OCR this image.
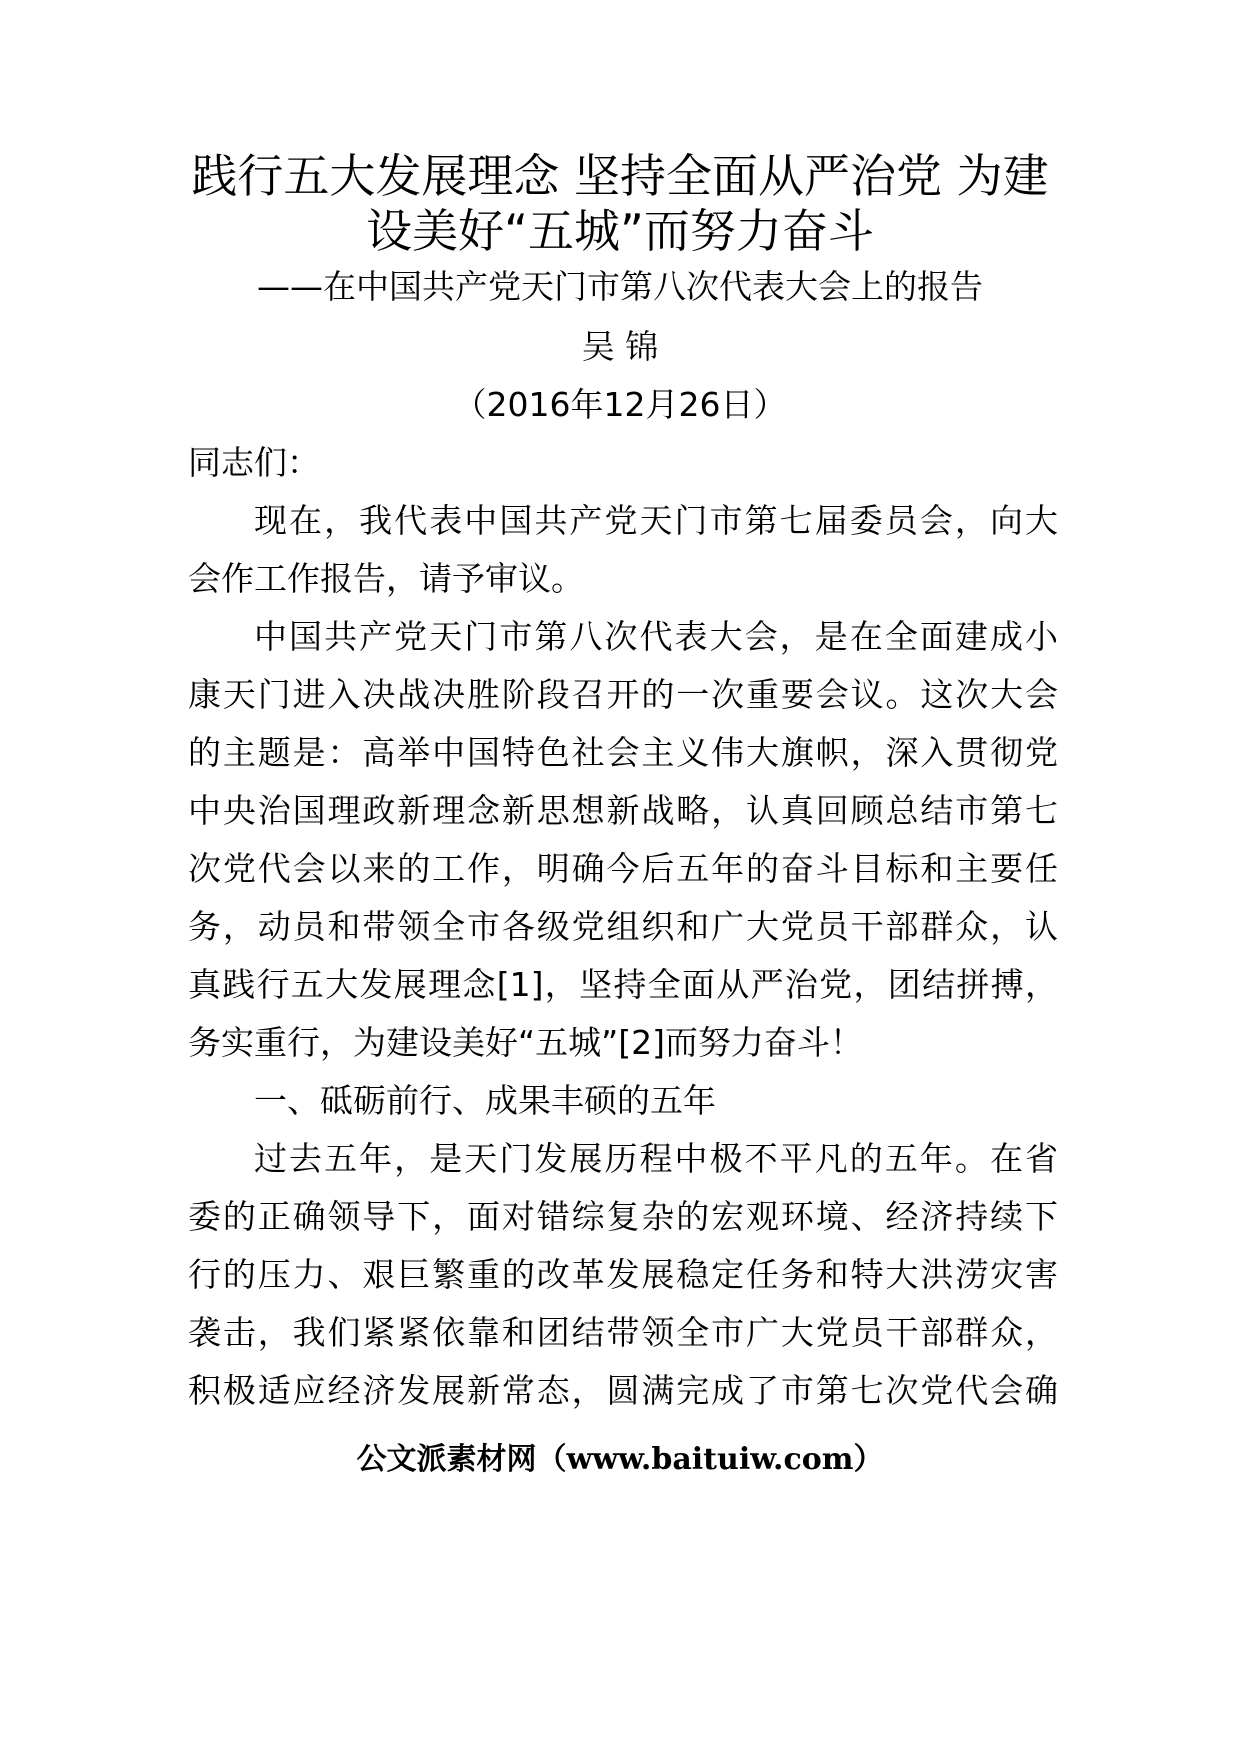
践行五大发展理念 坚持全面从严治党 为建
设美好“五城”而努力奋斗
——在中国共产党天门市第八次代表大会上的报告
吴 锦
（2016年12月26日）
同志们：
现在，我代表中国共产党天门市第七届委员会，向大
会作工作报告，请予审议。
中国共产党天门市第八次代表大会，是在全面建成小
康天门进入决战决胜阶段召开的一次重要会议。这次大会
的主题是：高举中国特色社会主义伟大旗帜，深入贯彻党
中央治国理政新理念新思想新战略，认真回顾总结市第七
次党代会以来的工作，明确今后五年的奋斗目标和主要任
务，动员和带领全市各级党组织和广大党员干部群众，认
真践行五大发展理念[1]，坚持全面从严治党，团结拼搏，
务实重行，为建设美好“五城”[2]而努力奋斗！
一、砥砺前行、成果丰硕的五年
过去五年，是天门发展历程中极不平凡的五年。在省
委的正确领导下，面对错综复杂的宏观环境、经济持续下
行的压力、艰巨繁重的改革发展稳定任务和特大洪涝灾害
袭击，我们紧紧依靠和团结带领全市广大党员干部群众，
积极适应经济发展新常态，圆满完成了市第七次党代会确
公文派素材网（www.baituiw.com）
